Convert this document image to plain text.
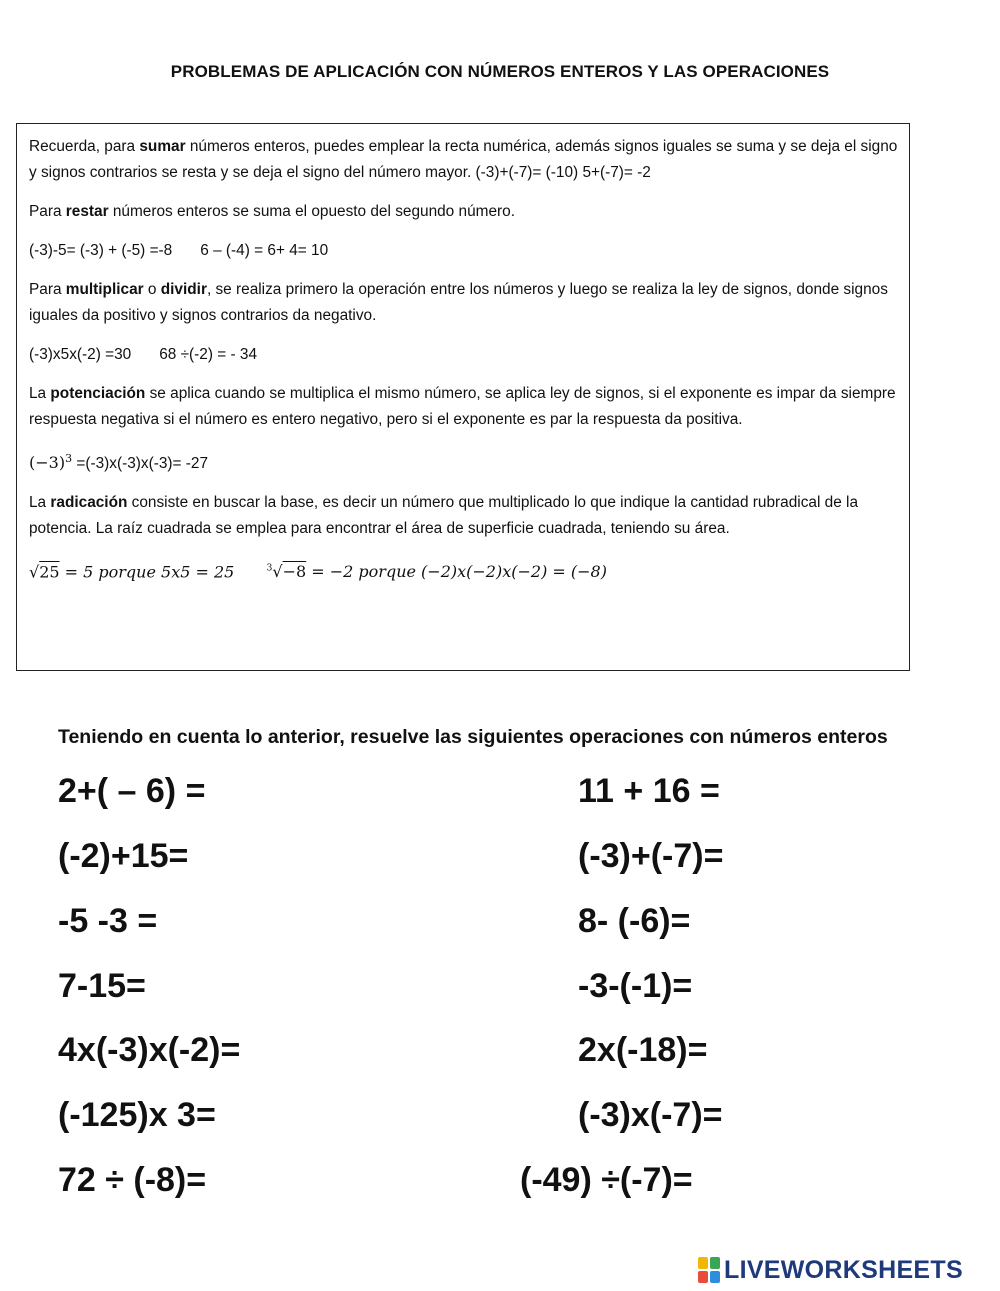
PROBLEMAS DE APLICACIÓN CON NÚMEROS ENTEROS Y LAS OPERACIONES

Recuerda, para sumar números enteros, puedes emplear la recta numérica, además signos iguales se suma y se deja el signo y signos contrarios se resta y se deja el signo del número mayor. (-3)+(-7)= (-10) 5+(-7)= -2

Para restar números enteros se suma el opuesto del segundo número.

(-3)-5= (-3) + (-5) =-8 6 – (-4) = 6+ 4= 10

Para multiplicar o dividir, se realiza primero la operación entre los números y luego se realiza la ley de signos, donde signos iguales da positivo y signos contrarios da negativo.

(-3)x5x(-2) =30 68 ÷(-2) = - 34

La potenciación se aplica cuando se multiplica el mismo número, se aplica ley de signos, si el exponente es impar da siempre respuesta negativa si el número es entero negativo, pero si el exponente es par la respuesta da positiva.

$(-3)^3 =(-3)x(-3)x(-3)= -27$

La radicación consiste en buscar la base, es decir un número que multiplicado lo que indique la cantidad rubradical de la potencia. La raíz cuadrada se emplea para encontrar el área de superficie cuadrada, teniendo su área.

√25 = 5 porque 5x5 = 25	$^3$√−8 = −2 porque (−2)x(−2)x(−2) = (−8)

Teniendo en cuenta lo anterior, resuelve las siguientes operaciones con números enteros
2+( – 6) =
(-2)+15=
-5 -3 =
7-15=
4x(-3)x(-2)=
(-125)x 3=
72 ÷ (-8)=
11 + 16 =
(-3)+(-7)=
8- (-6)=
-3-(-1)=
2x(-18)=
(-3)x(-7)=
(-49) ÷(-7)=
LIVEWORKSHEETS
